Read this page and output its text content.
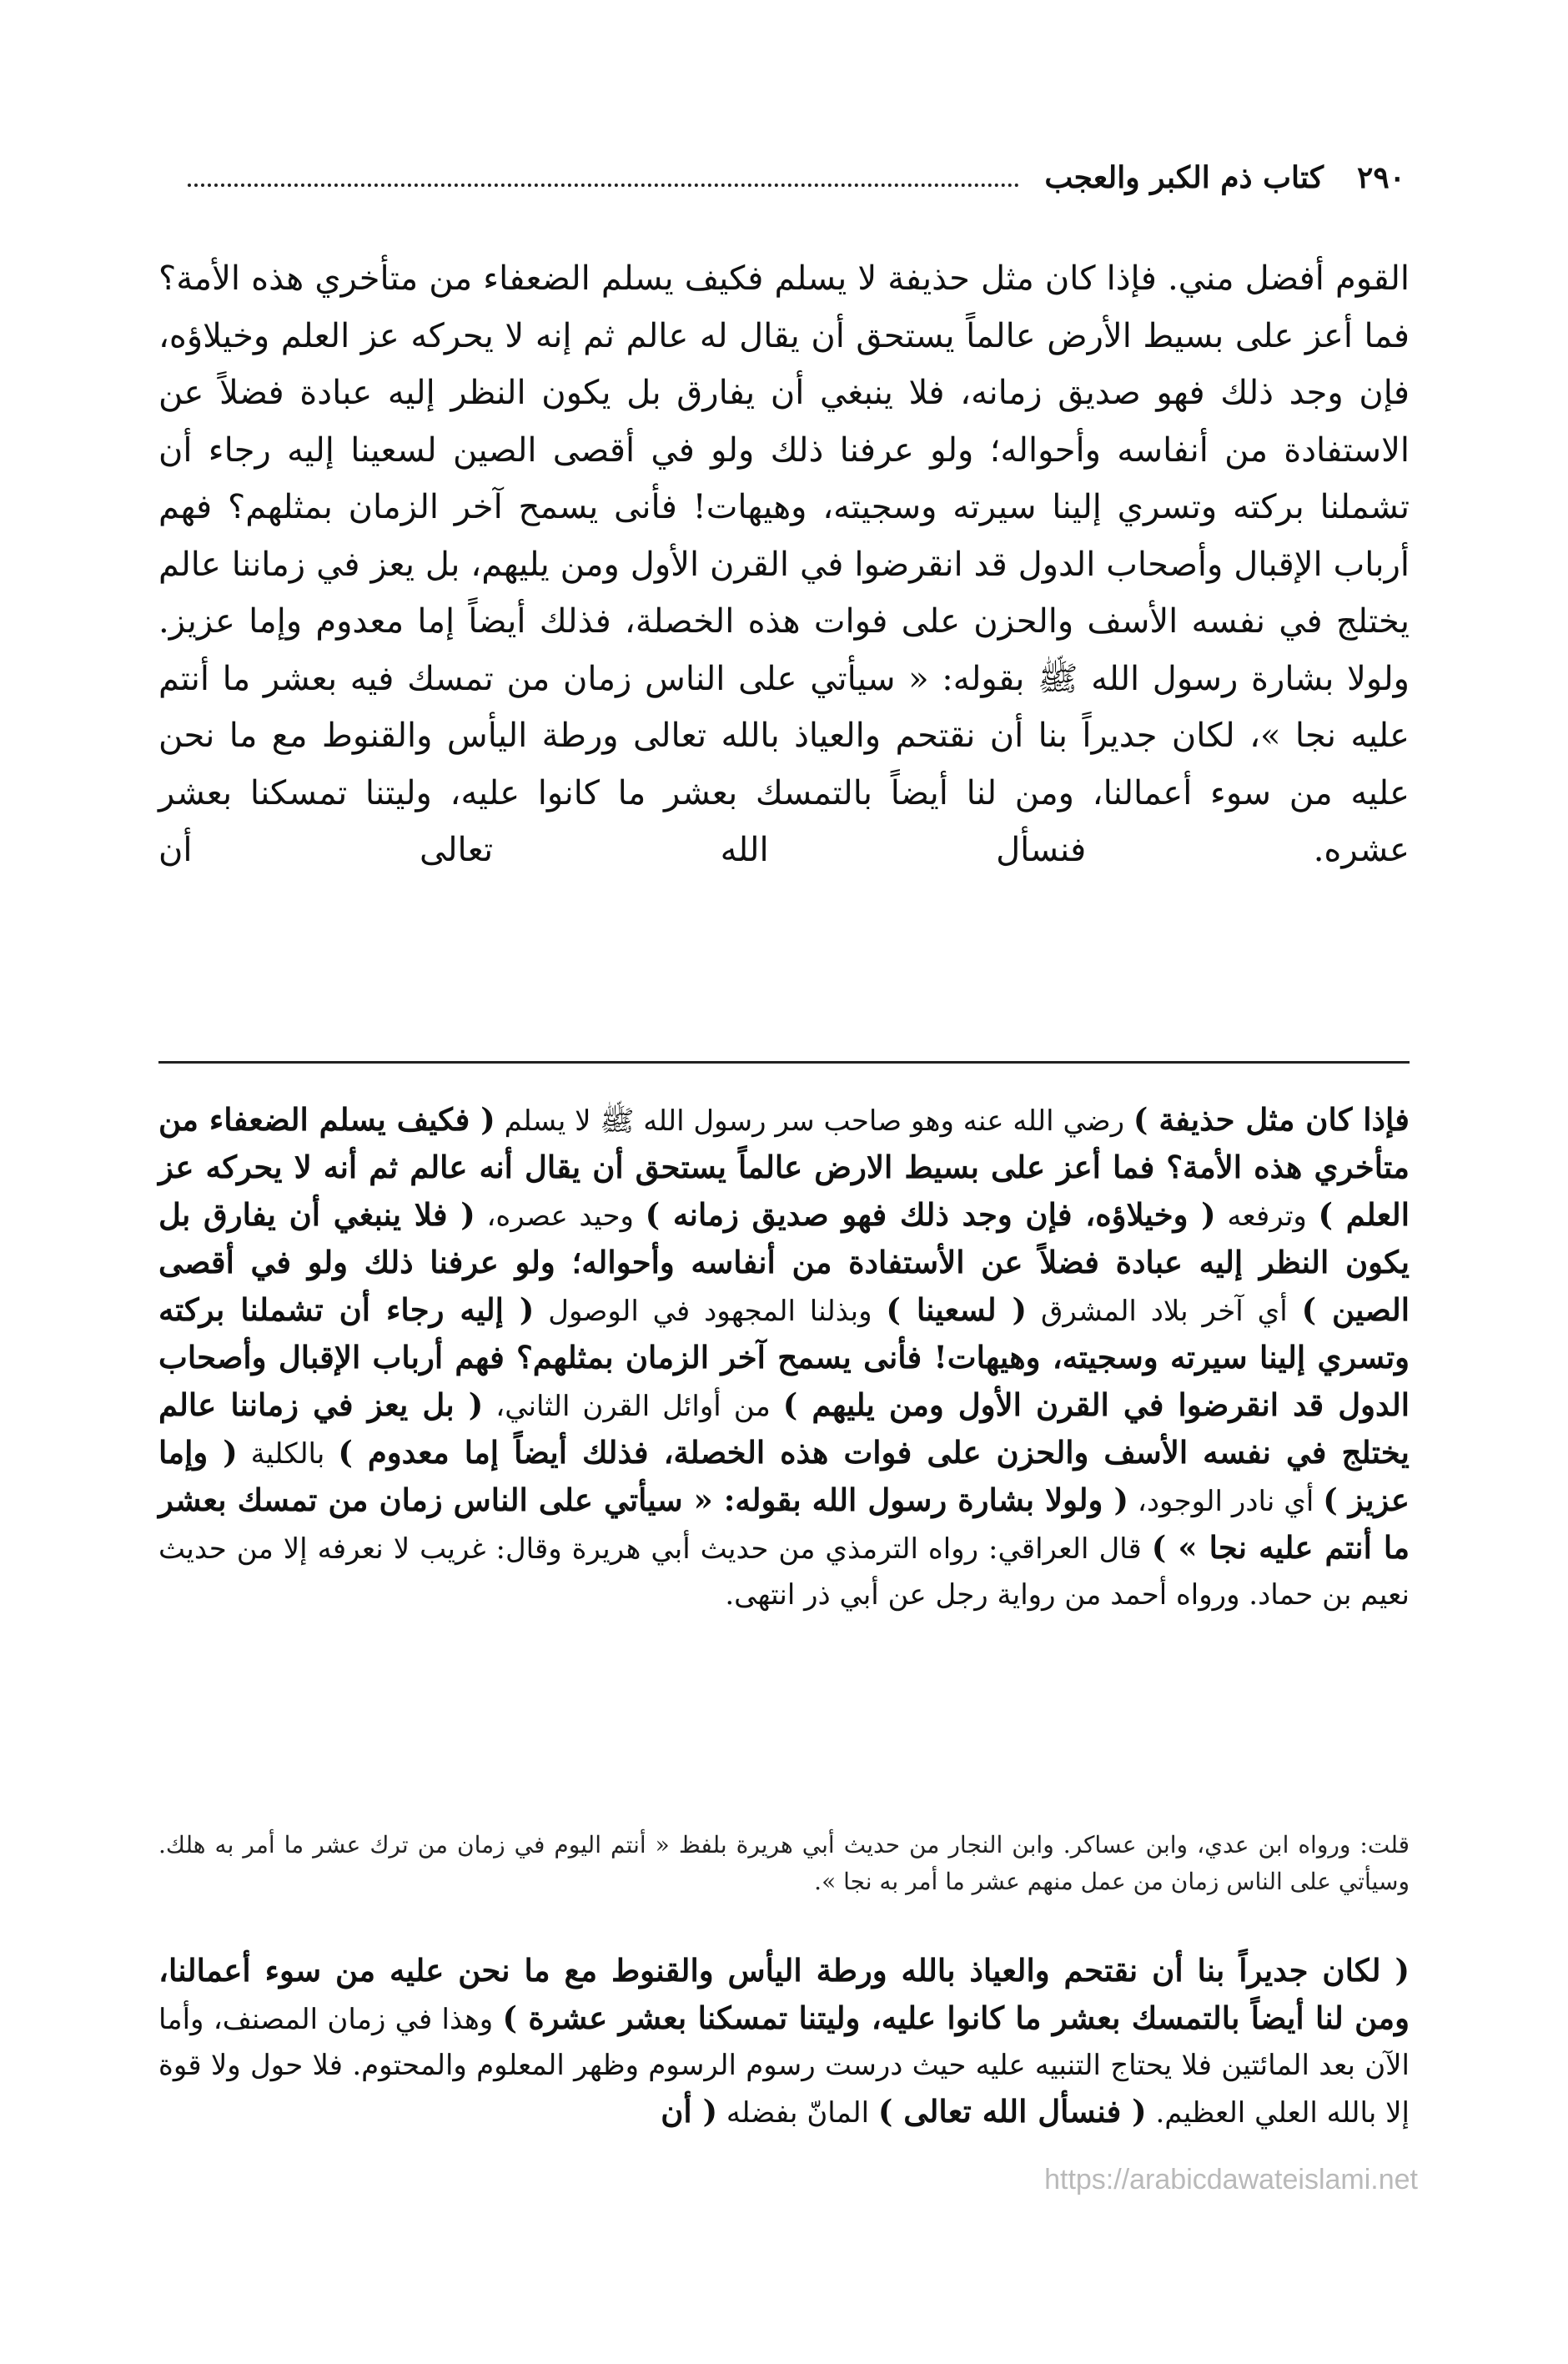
٢٩٠
كتاب ذم الكبر والعجب

القوم أفضل مني. فإذا كان مثل حذيفة لا يسلم فكيف يسلم الضعفاء من متأخري هذه الأمة؟ فما أعز على بسيط الأرض عالماً يستحق أن يقال له عالم ثم إنه لا يحركه عز العلم وخيلاؤه، فإن وجد ذلك فهو صديق زمانه، فلا ينبغي أن يفارق بل يكون النظر إليه عبادة فضلاً عن الاستفادة من أنفاسه وأحواله؛ ولو عرفنا ذلك ولو في أقصى الصين لسعينا إليه رجاء أن تشملنا بركته وتسري إلينا سيرته وسجيته، وهيهات! فأنى يسمح آخر الزمان بمثلهم؟ فهم أرباب الإقبال وأصحاب الدول قد انقرضوا في القرن الأول ومن يليهم، بل يعز في زماننا عالم يختلج في نفسه الأسف والحزن على فوات هذه الخصلة، فذلك أيضاً إما معدوم وإما عزيز. ولولا بشارة رسول الله ﷺ بقوله: « سيأتي على الناس زمان من تمسك فيه بعشر ما أنتم عليه نجا »، لكان جديراً بنا أن نقتحم والعياذ بالله تعالى ورطة اليأس والقنوط مع ما نحن عليه من سوء أعمالنا، ومن لنا أيضاً بالتمسك بعشر ما كانوا عليه، وليتنا تمسكنا بعشر عشره. فنسأل الله تعالى أن

فإذا كان مثل حذيفة ) رضي الله عنه وهو صاحب سر رسول الله ﷺ لا يسلم ( فكيف يسلم الضعفاء من متأخري هذه الأمة؟ فما أعز على بسيط الارض عالماً يستحق أن يقال أنه عالم ثم أنه لا يحركه عز العلم ) وترفعه ( وخيلاؤه، فإن وجد ذلك فهو صديق زمانه ) وحيد عصره، ( فلا ينبغي أن يفارق بل يكون النظر إليه عبادة فضلاً عن الأستفادة من أنفاسه وأحواله؛ ولو عرفنا ذلك ولو في أقصى الصين ) أي آخر بلاد المشرق ( لسعينا ) وبذلنا المجهود في الوصول ( إليه رجاء أن تشملنا بركته وتسري إلينا سيرته وسجيته، وهيهات! فأنى يسمح آخر الزمان بمثلهم؟ فهم أرباب الإقبال وأصحاب الدول قد انقرضوا في القرن الأول ومن يليهم ) من أوائل القرن الثاني، ( بل يعز في زماننا عالم يختلج في نفسه الأسف والحزن على فوات هذه الخصلة، فذلك أيضاً إما معدوم ) بالكلية ( وإما عزيز ) أي نادر الوجود، ( ولولا بشارة رسول الله بقوله: « سيأتي على الناس زمان من تمسك بعشر ما أنتم عليه نجا » ) قال العراقي: رواه الترمذي من حديث أبي هريرة وقال: غريب لا نعرفه إلا من حديث نعيم بن حماد. ورواه أحمد من رواية رجل عن أبي ذر انتهى.

قلت: ورواه ابن عدي، وابن عساكر. وابن النجار من حديث أبي هريرة بلفظ « أنتم اليوم في زمان من ترك عشر ما أمر به هلك. وسيأتي على الناس زمان من عمل منهم عشر ما أمر به نجا ».

( لكان جديراً بنا أن نقتحم والعياذ بالله ورطة اليأس والقنوط مع ما نحن عليه من سوء أعمالنا، ومن لنا أيضاً بالتمسك بعشر ما كانوا عليه، وليتنا تمسكنا بعشر عشرة ) وهذا في زمان المصنف، وأما الآن بعد المائتين فلا يحتاج التنبيه عليه حيث درست رسوم الرسوم وظهر المعلوم والمحتوم. فلا حول ولا قوة إلا بالله العلي العظيم. ( فنسأل الله تعالى ) المانّ بفضله ( أن

https://arabicdawateislami.net
